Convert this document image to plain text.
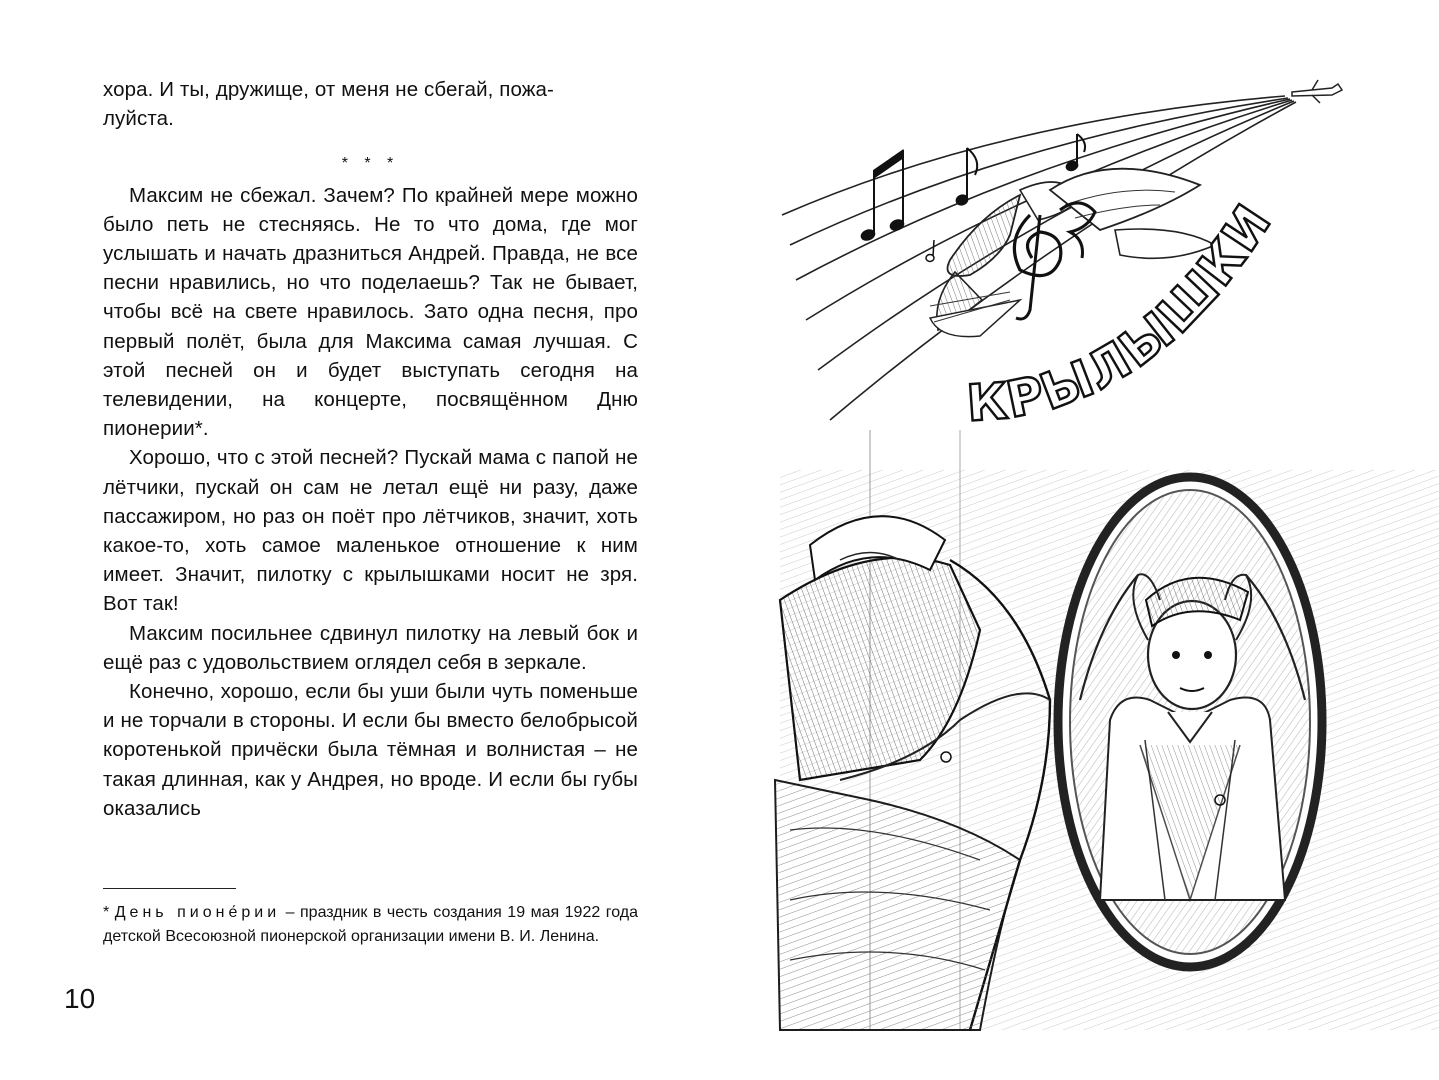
хора. И ты, дружище, от меня не сбегай, пожа-

луйста.

* * *

Максим не сбежал. Зачем? По крайней мере можно было петь не стесняясь. Не то что дома, где мог услышать и начать дразниться Андрей. Правда, не все песни нравились, но что поделаешь? Так не бывает, чтобы всё на свете нравилось. Зато одна песня, про первый полёт, была для Максима самая лучшая. С этой песней он и будет выступать сегодня на телевидении, на концерте, посвящённом Дню пионерии*.

Хорошо, что с этой песней? Пускай мама с папой не лётчики, пускай он сам не летал ещё ни разу, даже пассажиром, но раз он поёт про лётчиков, значит, хоть какое-то, хоть самое маленькое отношение к ним имеет. Значит, пилотку с крылышками носит не зря. Вот так!

Максим посильнее сдвинул пилотку на левый бок и ещё раз с удовольствием оглядел себя в зеркале.

Конечно, хорошо, если бы уши были чуть поменьше и не торчали в стороны. И если бы вместо белобрысой коротенькой причёски была тёмная и волнистая – не такая длинная, как у Андрея, но вроде. И если бы губы оказались

* День пионе́рии – праздник в честь создания 19 мая 1922 года детской Всесоюзной пионерской организации имени В. И. Ленина.
10
КРЫЛЫШКИ
